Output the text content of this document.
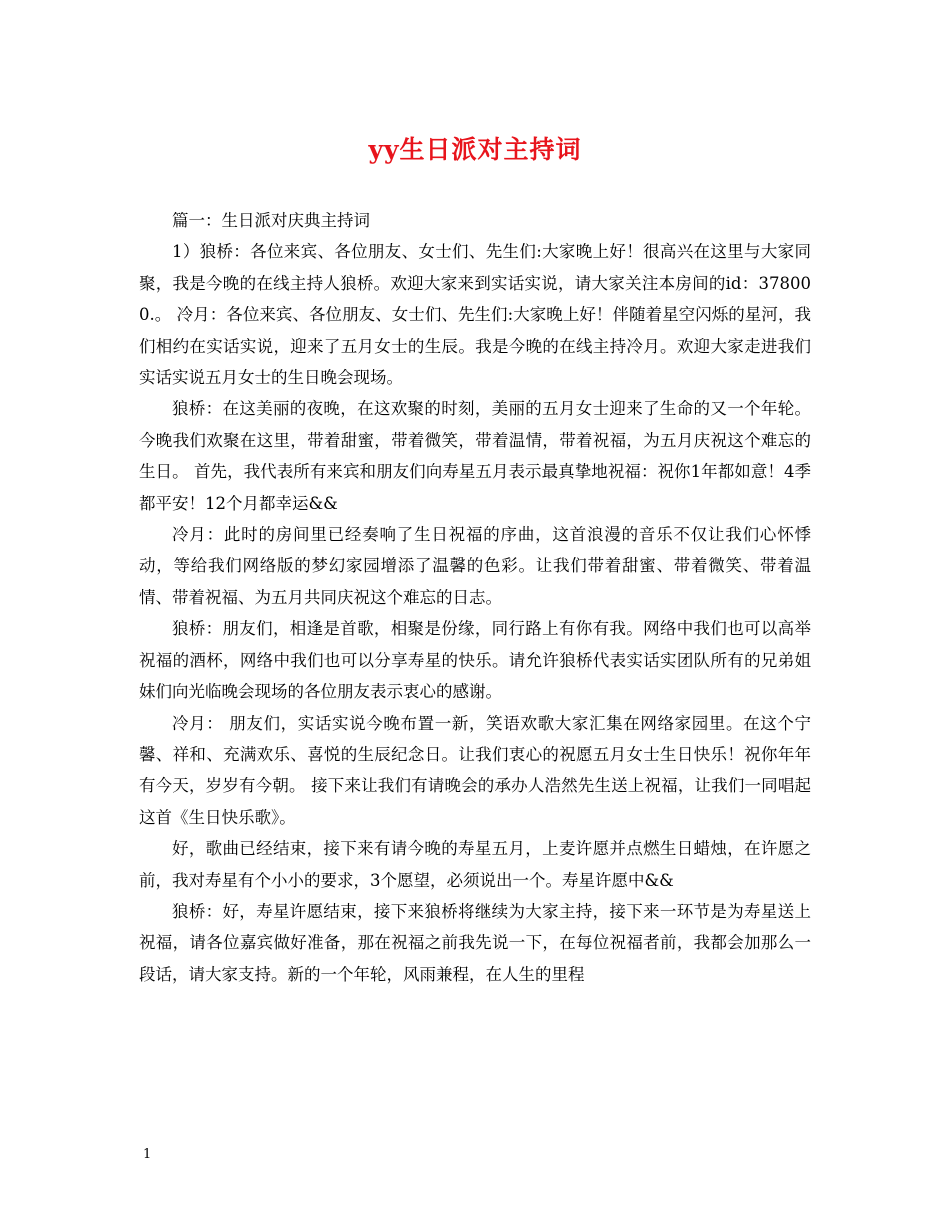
yy生日派对主持词

篇一：生日派对庆典主持词

1）狼桥：各位来宾、各位朋友、女士们、先生们:大家晚上好！很高兴在这里与大家同聚，我是今晚的在线主持人狼桥。欢迎大家来到实话实说，请大家关注本房间的id：378000.。 冷月：各位来宾、各位朋友、女士们、先生们:大家晚上好！伴随着星空闪烁的星河，我们相约在实话实说，迎来了五月女士的生辰。我是今晚的在线主持冷月。欢迎大家走进我们实话实说五月女士的生日晚会现场。

狼桥：在这美丽的夜晚，在这欢聚的时刻，美丽的五月女士迎来了生命的又一个年轮。今晚我们欢聚在这里，带着甜蜜，带着微笑，带着温情，带着祝福，为五月庆祝这个难忘的生日。 首先，我代表所有来宾和朋友们向寿星五月表示最真挚地祝福：祝你1年都如意！4季都平安！12个月都幸运&&

冷月：此时的房间里已经奏响了生日祝福的序曲，这首浪漫的音乐不仅让我们心怀悸动，等给我们网络版的梦幻家园增添了温馨的色彩。让我们带着甜蜜、带着微笑、带着温情、带着祝福、为五月共同庆祝这个难忘的日志。

狼桥：朋友们，相逢是首歌，相聚是份缘，同行路上有你有我。网络中我们也可以高举祝福的酒杯，网络中我们也可以分享寿星的快乐。请允许狼桥代表实话实团队所有的兄弟姐妹们向光临晚会现场的各位朋友表示衷心的感谢。

冷月： 朋友们，实话实说今晚布置一新，笑语欢歌大家汇集在网络家园里。在这个宁馨、祥和、充满欢乐、喜悦的生辰纪念日。让我们衷心的祝愿五月女士生日快乐！祝你年年有今天，岁岁有今朝。 接下来让我们有请晚会的承办人浩然先生送上祝福，让我们一同唱起这首《生日快乐歌》。

好，歌曲已经结束，接下来有请今晚的寿星五月，上麦许愿并点燃生日蜡烛，在许愿之前，我对寿星有个小小的要求，3个愿望，必须说出一个。寿星许愿中&&

狼桥：好，寿星许愿结束，接下来狼桥将继续为大家主持，接下来一环节是为寿星送上祝福，请各位嘉宾做好准备，那在祝福之前我先说一下，在每位祝福者前，我都会加那么一段话，请大家支持。新的一个年轮，风雨兼程，在人生的里程

1
